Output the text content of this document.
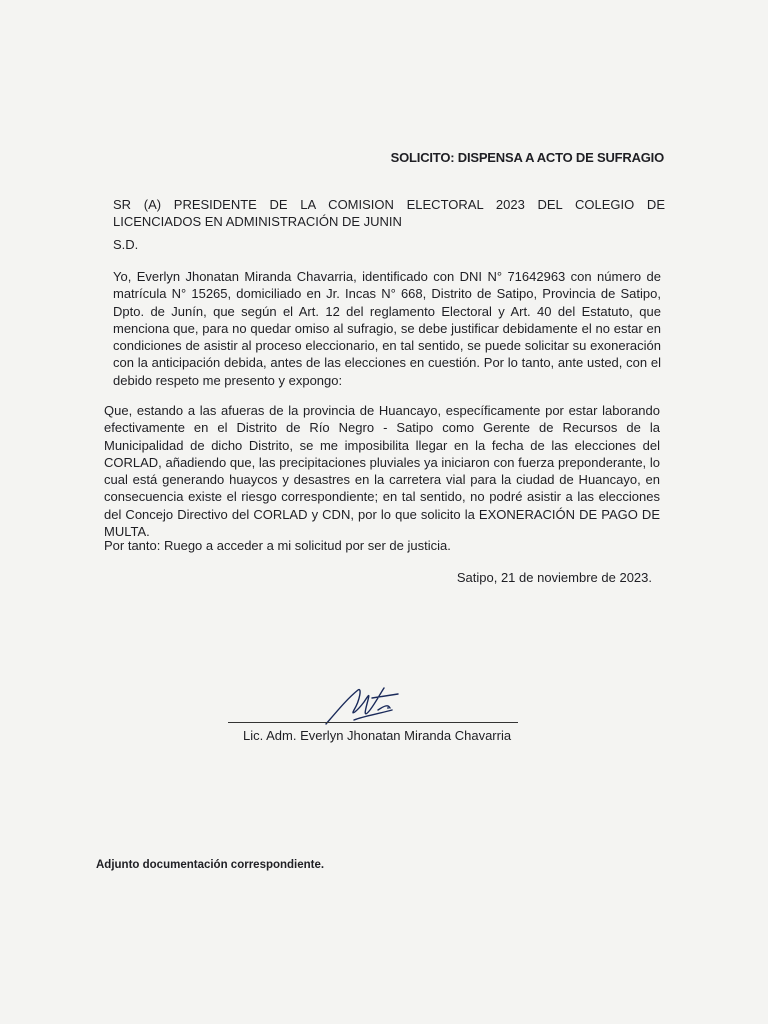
SOLICITO: DISPENSA A ACTO DE SUFRAGIO
SR (A) PRESIDENTE DE LA COMISION ELECTORAL 2023 DEL COLEGIO DE LICENCIADOS EN ADMINISTRACIÓN DE JUNIN
S.D.
Yo, Everlyn Jhonatan Miranda Chavarria, identificado con DNI N° 71642963 con número de matrícula N° 15265, domiciliado en Jr. Incas N° 668, Distrito de Satipo, Provincia de Satipo, Dpto. de Junín, que según el Art. 12 del reglamento Electoral y Art. 40 del Estatuto, que menciona que, para no quedar omiso al sufragio, se debe justificar debidamente el no estar en condiciones de asistir al proceso eleccionario, en tal sentido, se puede solicitar su exoneración con la anticipación debida, antes de las elecciones en cuestión. Por lo tanto, ante usted, con el debido respeto me presento y expongo:
Que, estando a las afueras de la provincia de Huancayo, específicamente por estar laborando efectivamente en el Distrito de Río Negro - Satipo como Gerente de Recursos de la Municipalidad de dicho Distrito, se me imposibilita llegar en la fecha de las elecciones del CORLAD, añadiendo que, las precipitaciones pluviales ya iniciaron con fuerza preponderante, lo cual está generando huaycos y desastres en la carretera vial para la ciudad de Huancayo, en consecuencia existe el riesgo correspondiente; en tal sentido, no podré asistir a las elecciones del Concejo Directivo del CORLAD y CDN, por lo que solicito la EXONERACIÓN DE PAGO DE MULTA.
Por tanto: Ruego a acceder a mi solicitud por ser de justicia.
Satipo, 21 de noviembre de 2023.
Lic. Adm. Everlyn Jhonatan Miranda Chavarria
Adjunto documentación correspondiente.
